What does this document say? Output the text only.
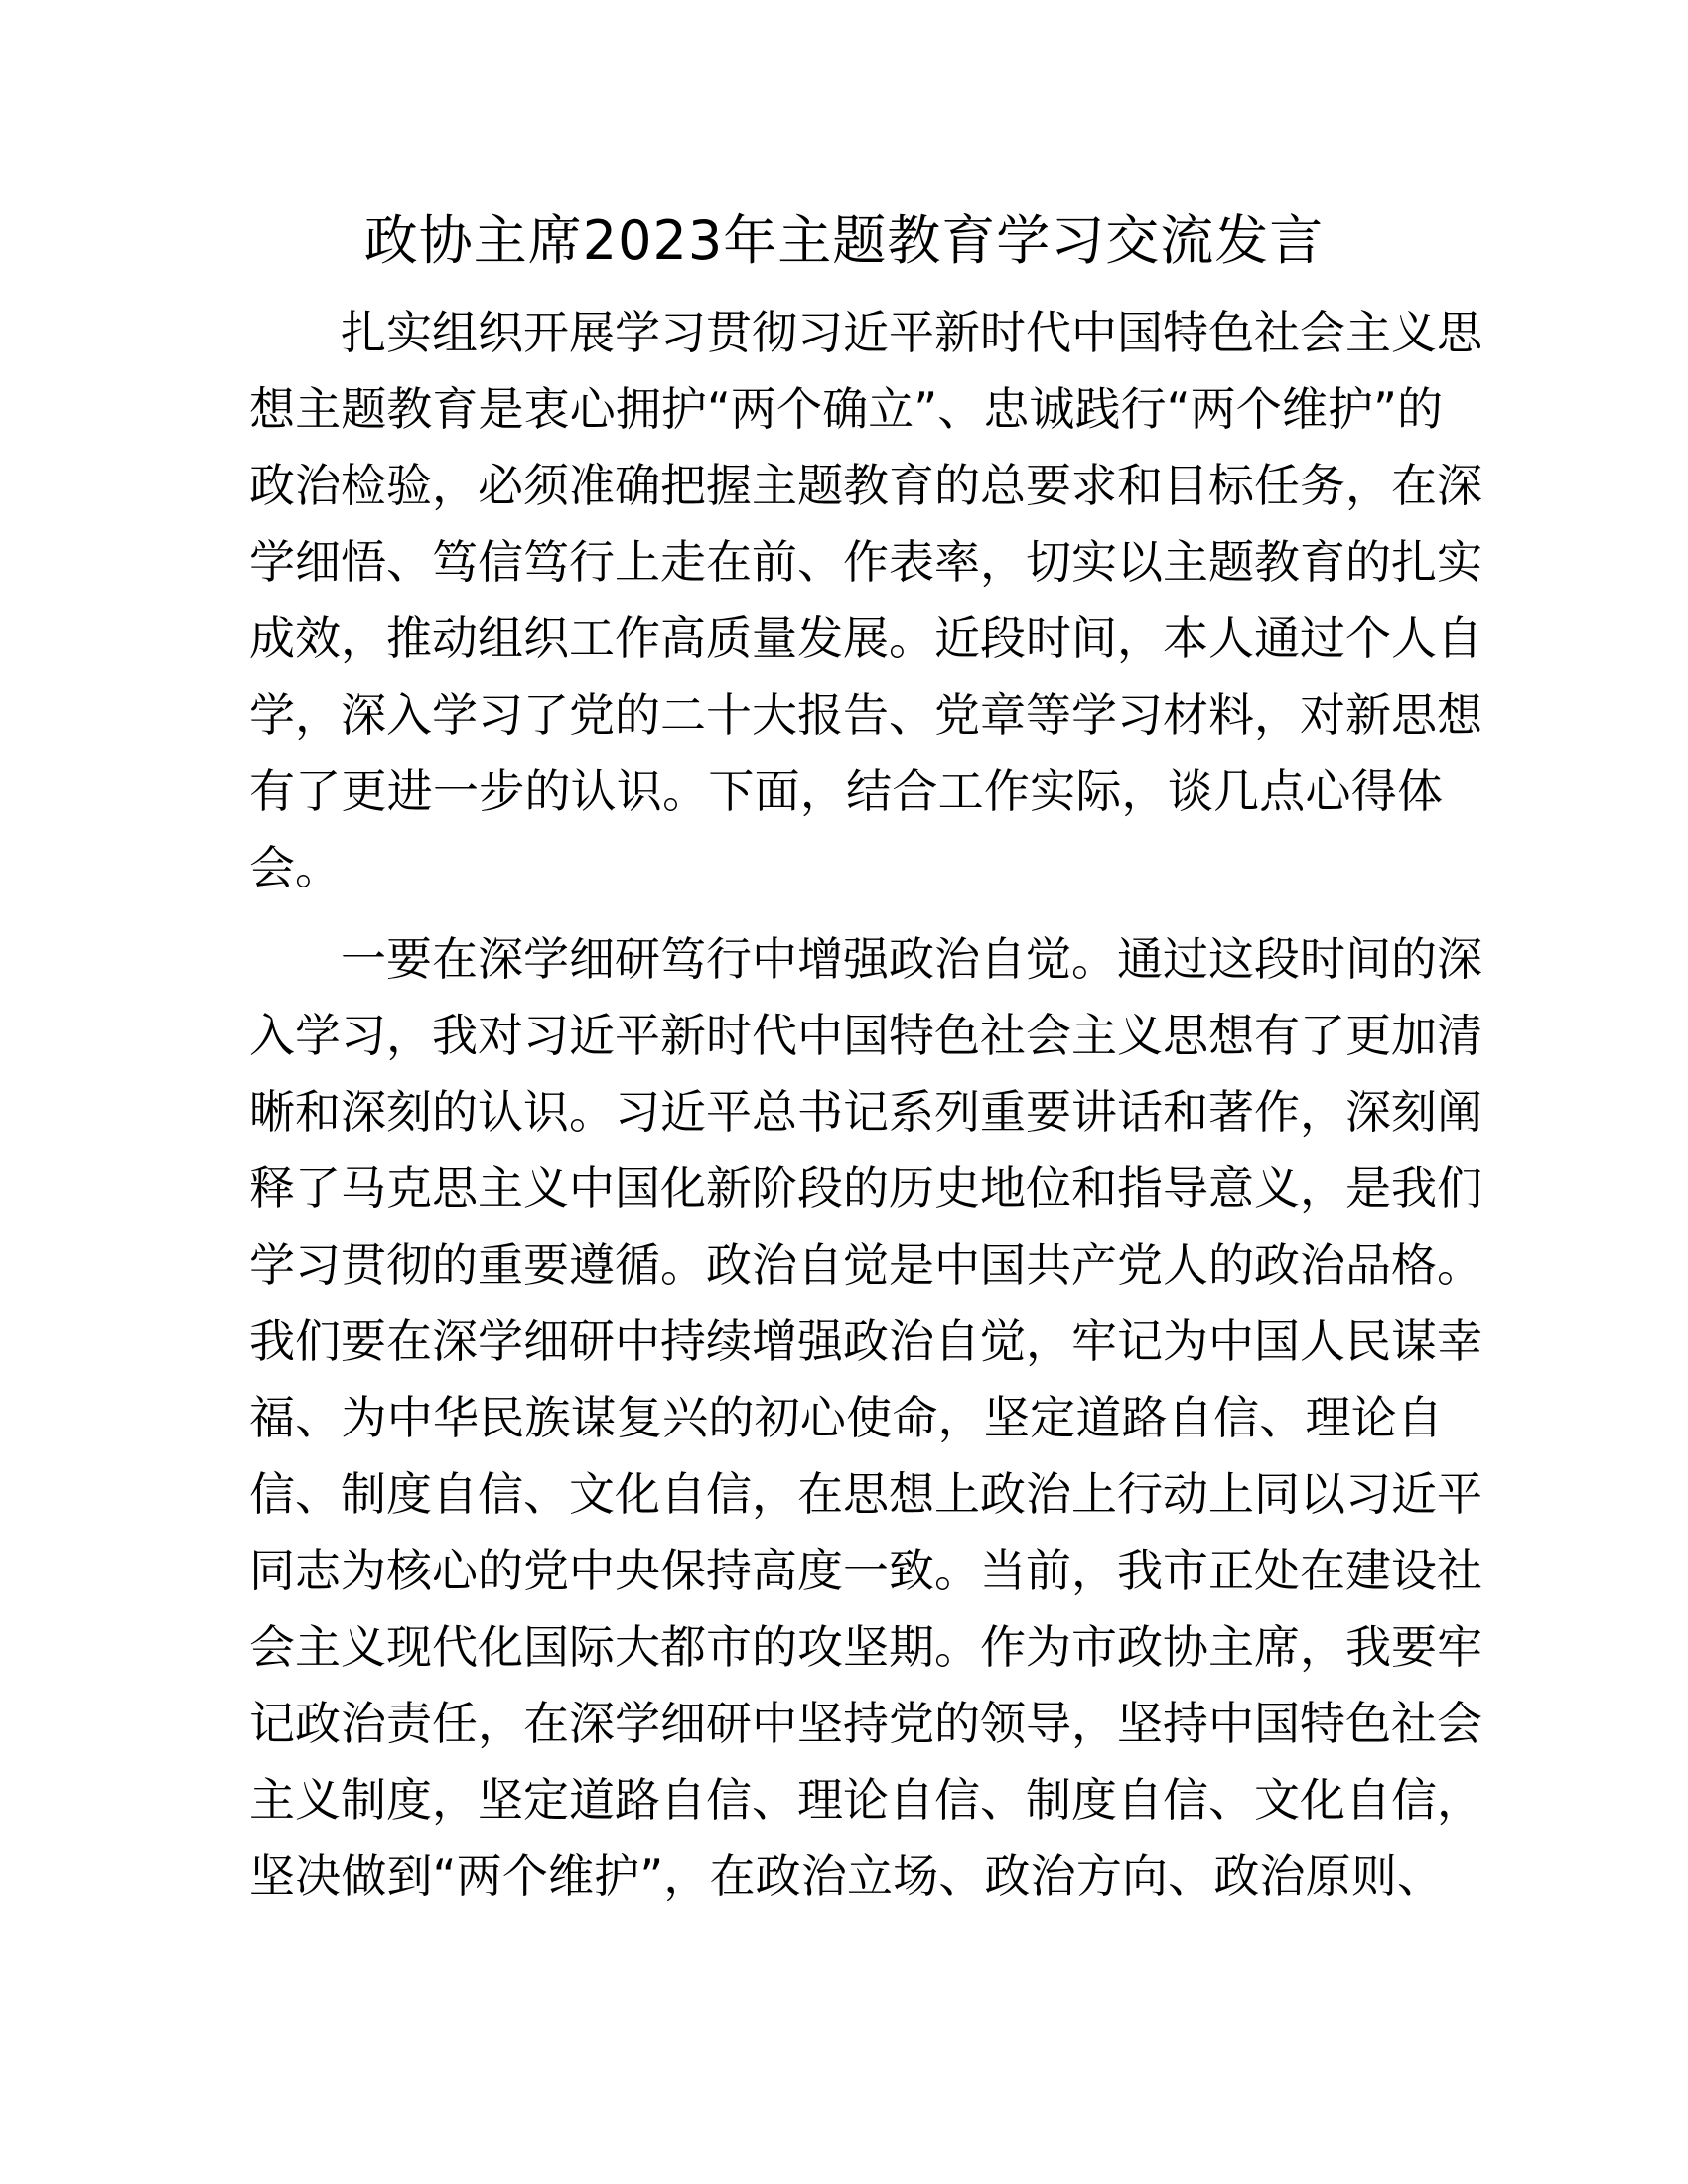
政协主席2023年主题教育学习交流发言
扎实组织开展学习贯彻习近平新时代中国特色社会主义思
想主题教育是衷心拥护“两个确立”、忠诚践行“两个维护”的
政治检验，必须准确把握主题教育的总要求和目标任务，在深
学细悟、笃信笃行上走在前、作表率，切实以主题教育的扎实
成效，推动组织工作高质量发展。近段时间，本人通过个人自
学，深入学习了党的二十大报告、党章等学习材料，对新思想
有了更进一步的认识。下面，结合工作实际，谈几点心得体
会。
一要在深学细研笃行中增强政治自觉。通过这段时间的深
入学习，我对习近平新时代中国特色社会主义思想有了更加清
晰和深刻的认识。习近平总书记系列重要讲话和著作，深刻阐
释了马克思主义中国化新阶段的历史地位和指导意义，是我们
学习贯彻的重要遵循。政治自觉是中国共产党人的政治品格。
我们要在深学细研中持续增强政治自觉，牢记为中国人民谋幸
福、为中华民族谋复兴的初心使命，坚定道路自信、理论自
信、制度自信、文化自信，在思想上政治上行动上同以习近平
同志为核心的党中央保持高度一致。当前，我市正处在建设社
会主义现代化国际大都市的攻坚期。作为市政协主席，我要牢
记政治责任，在深学细研中坚持党的领导，坚持中国特色社会
主义制度，坚定道路自信、理论自信、制度自信、文化自信，
坚决做到“两个维护”，在政治立场、政治方向、政治原则、
